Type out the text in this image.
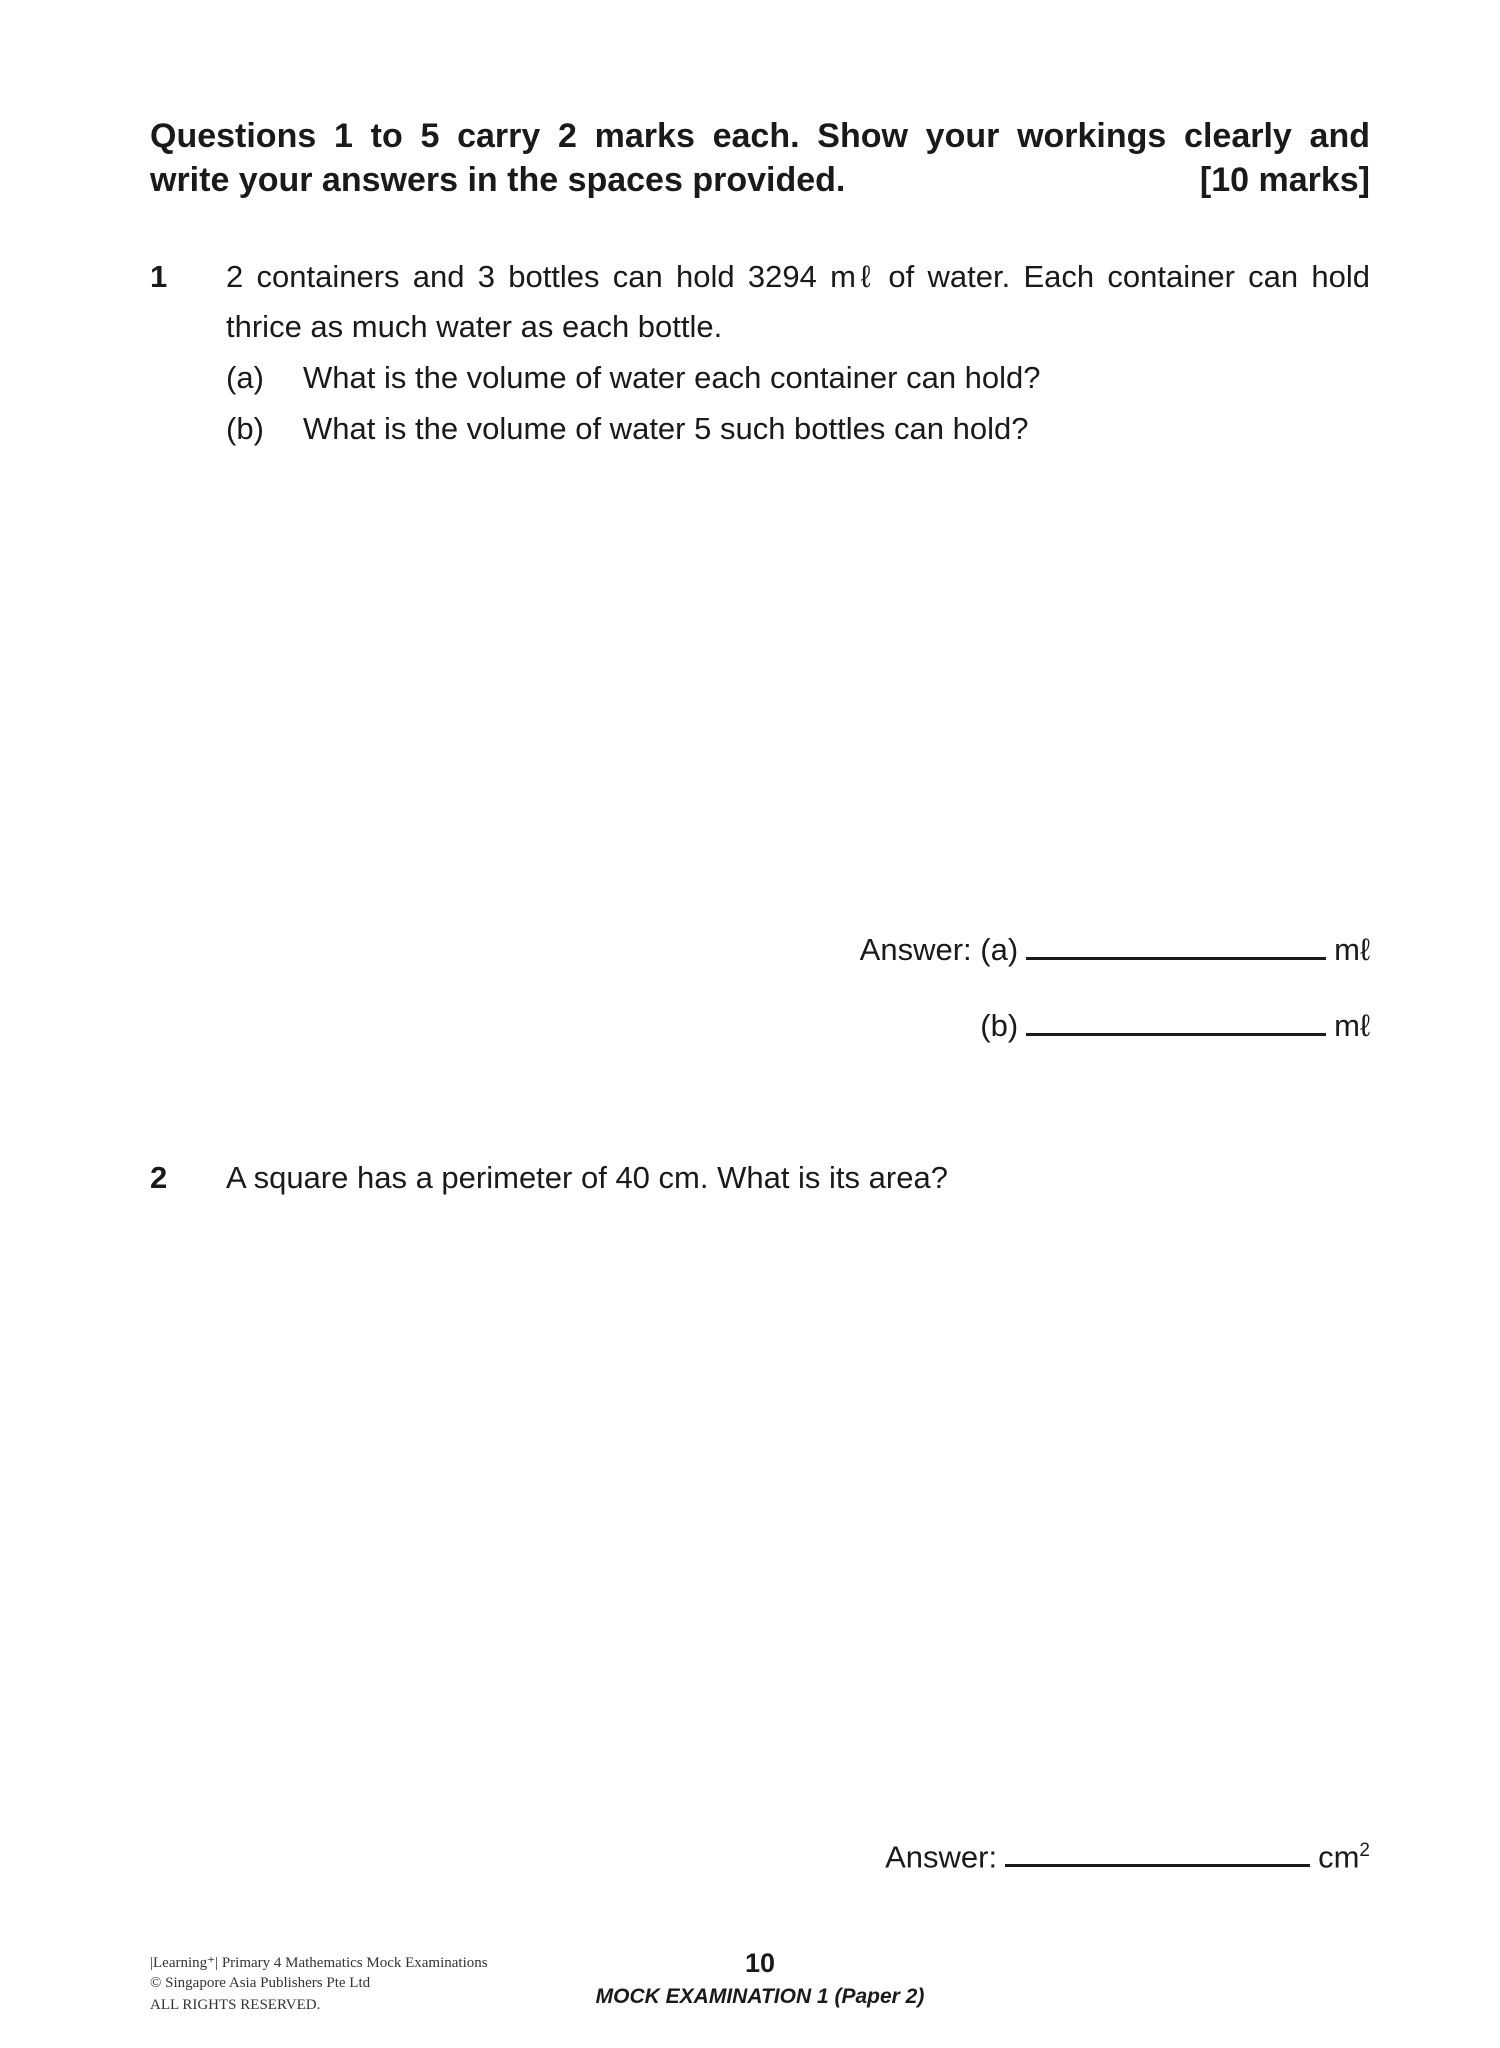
Questions 1 to 5 carry 2 marks each. Show your workings clearly and
write your answers in the spaces provided.	[10 marks]
1 2 containers and 3 bottles can hold 3294 mℓ of water. Each container can hold
thrice as much water as each bottle.
(a) What is the volume of water each container can hold?
(b) What is the volume of water 5 such bottles can hold?
Answer: (a)	mℓ
(b)	mℓ
2 A square has a perimeter of 40 cm. What is its area?
Answer:	$cm^2$
|Learning⁺| Primary 4 Mathematics Mock Examinations
© Singapore Asia Publishers Pte Ltd
ALL RIGHTS RESERVED.
10
MOCK EXAMINATION 1 (Paper 2)
